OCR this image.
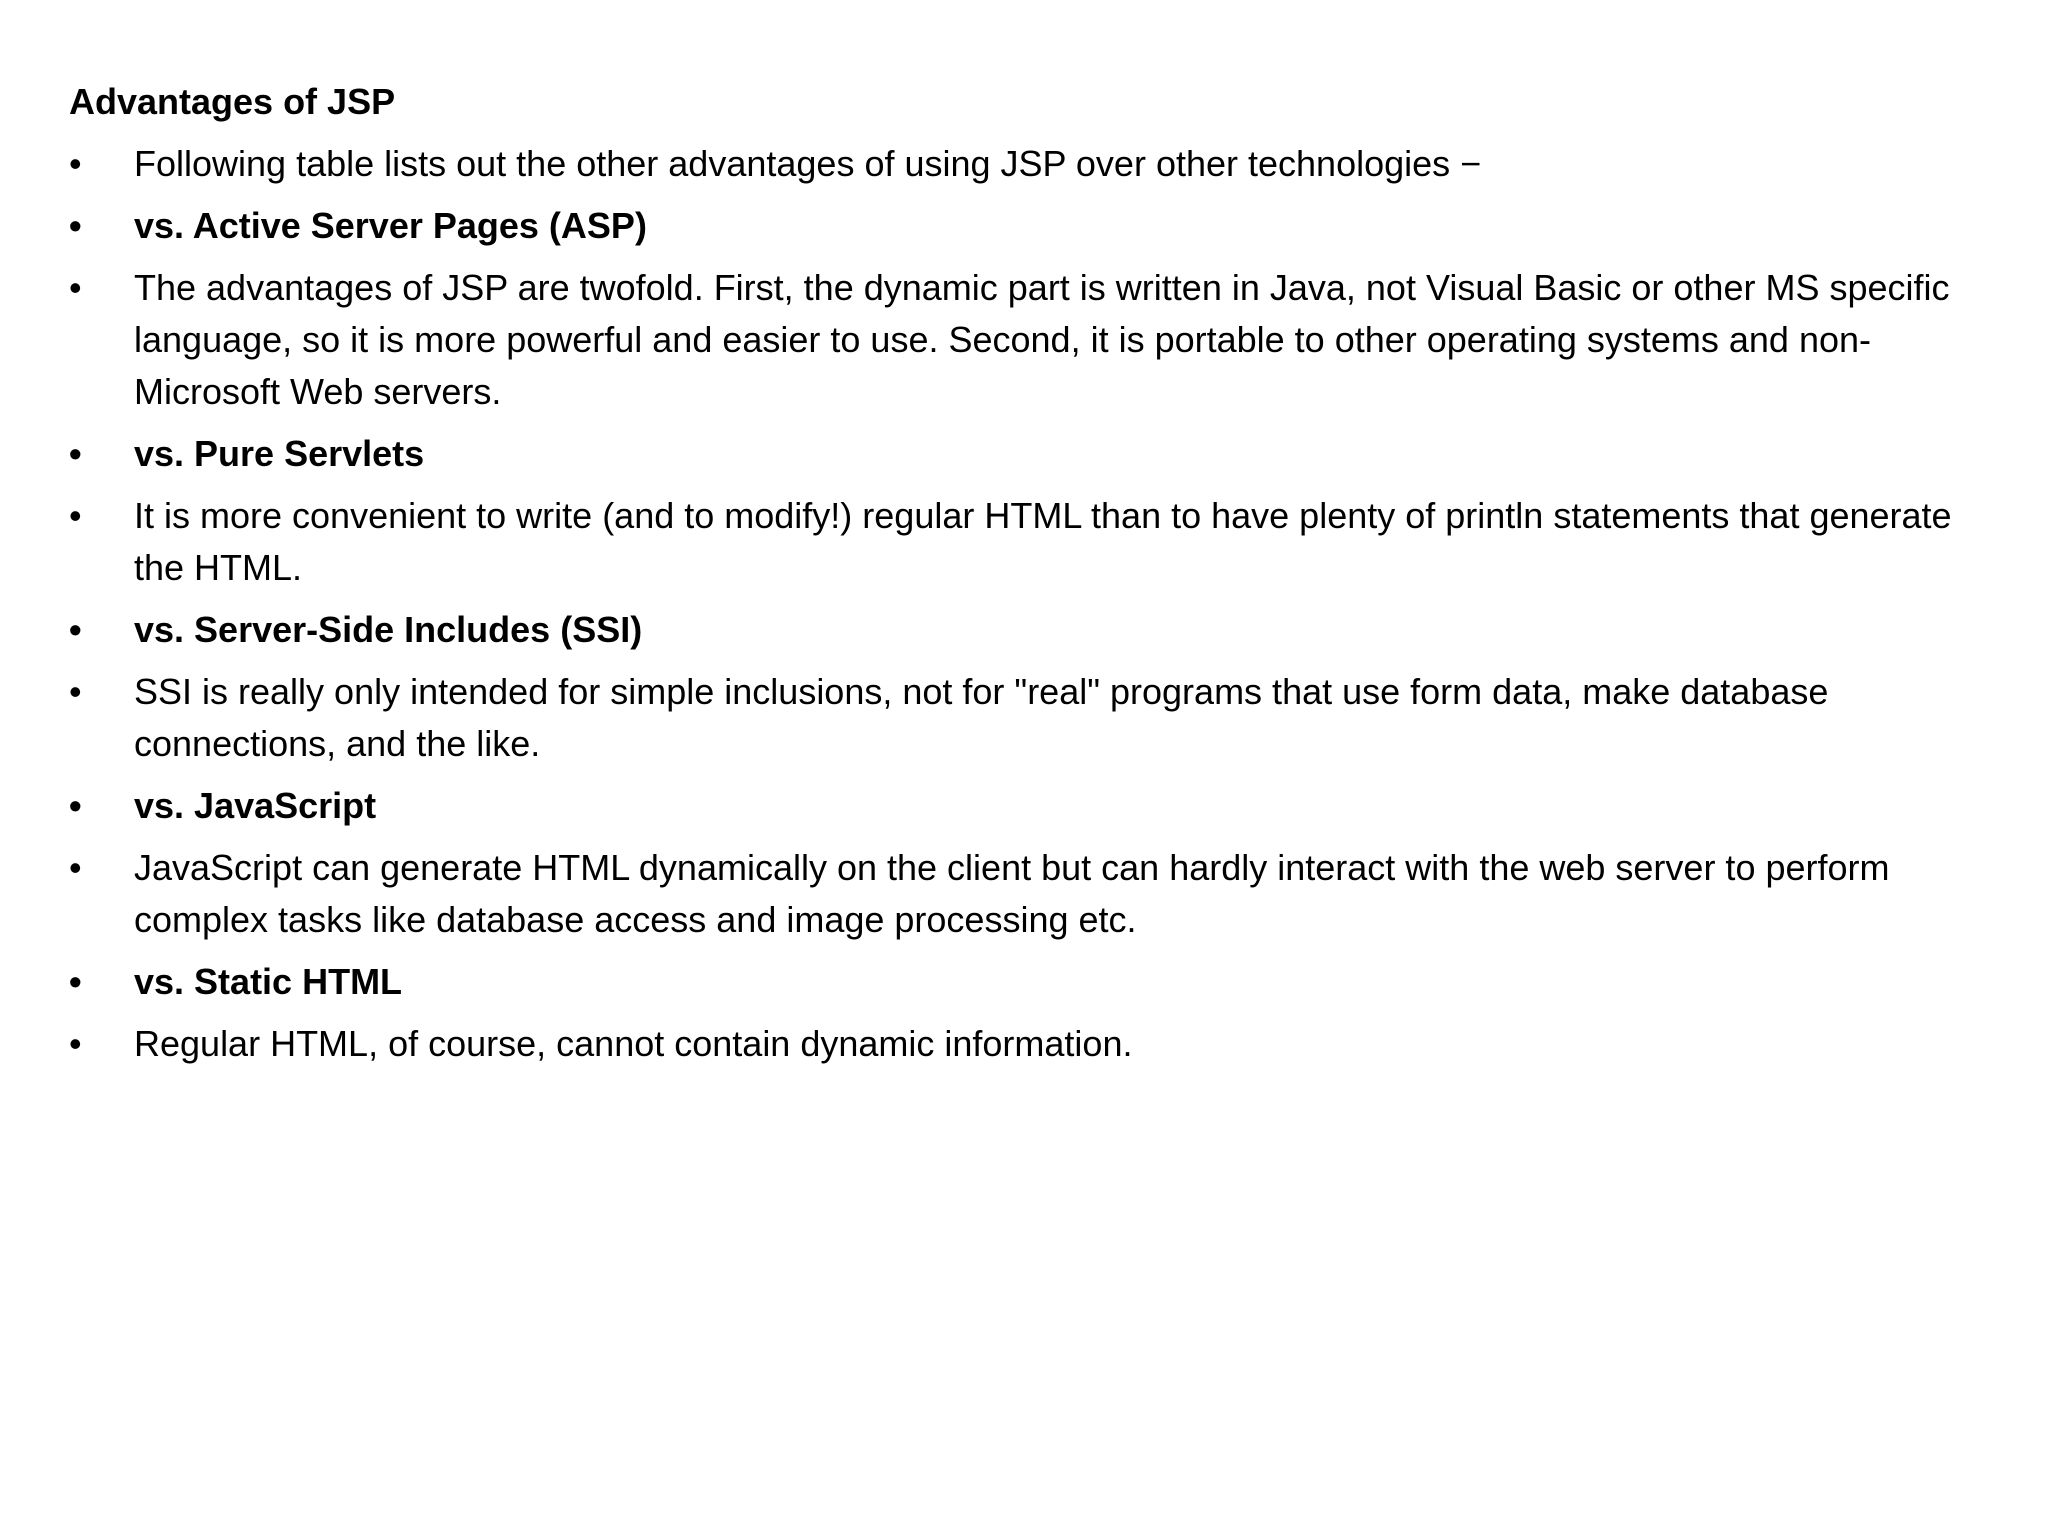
Advantages of JSP
•	Following table lists out the other advantages of using JSP over other technologies −
•	vs. Active Server Pages (ASP)
•	The advantages of JSP are twofold. First, the dynamic part is written in Java, not Visual Basic or other MS specific language, so it is more powerful and easier to use. Second, it is portable to other operating systems and non-Microsoft Web servers.
•	vs. Pure Servlets
•	It is more convenient to write (and to modify!) regular HTML than to have plenty of println statements that generate the HTML.
•	vs. Server-Side Includes (SSI)
•	SSI is really only intended for simple inclusions, not for "real" programs that use form data, make database connections, and the like.
•	vs. JavaScript
•	JavaScript can generate HTML dynamically on the client but can hardly interact with the web server to perform complex tasks like database access and image processing etc.
•	vs. Static HTML
•	Regular HTML, of course, cannot contain dynamic information.
